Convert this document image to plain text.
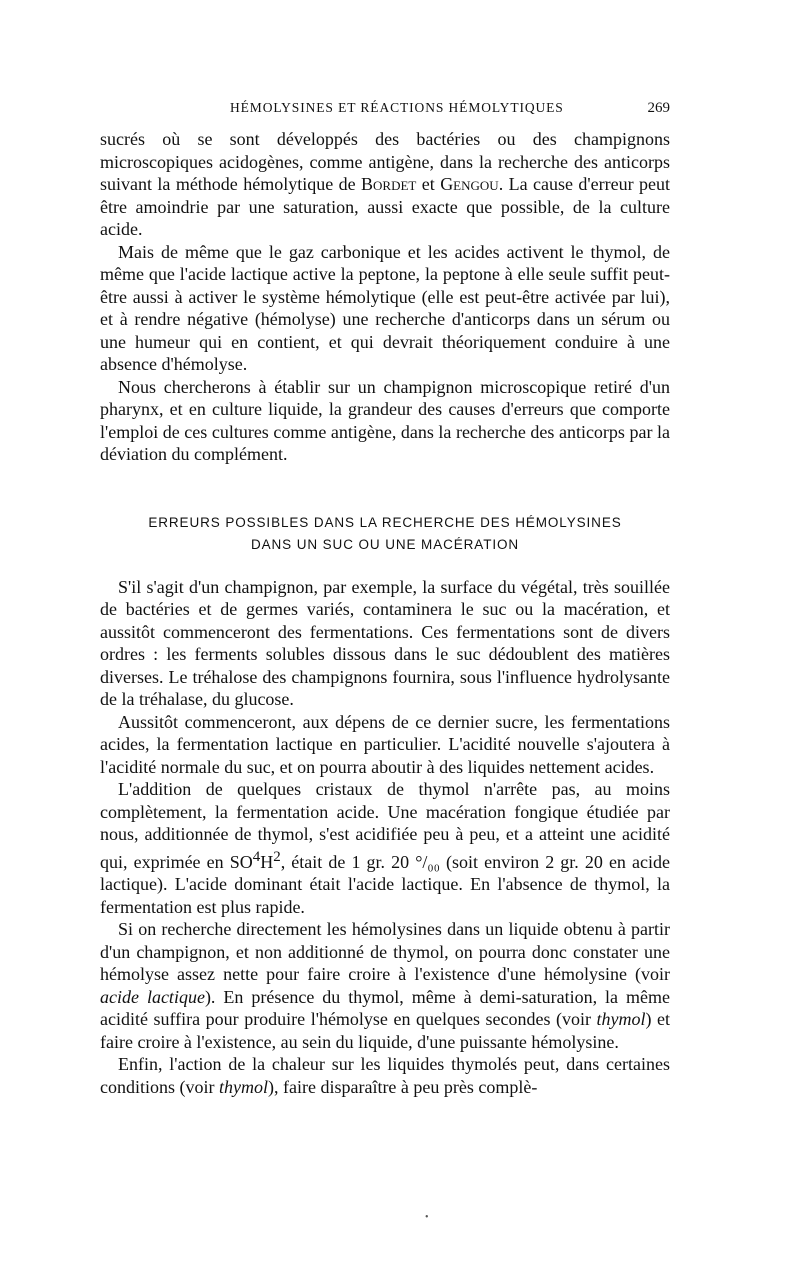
HÉMOLYSINES ET RÉACTIONS HÉMOLYTIQUES	269

sucrés où se sont développés des bactéries ou des champignons microscopiques acidogènes, comme antigène, dans la recherche des anticorps suivant la méthode hémolytique de Bordet et Gengou. La cause d'erreur peut être amoindrie par une saturation, aussi exacte que possible, de la culture acide.

Mais de même que le gaz carbonique et les acides activent le thymol, de même que l'acide lactique active la peptone, la peptone à elle seule suffit peut-être aussi à activer le système hémolytique (elle est peut-être activée par lui), et à rendre négative (hémolyse) une recherche d'anticorps dans un sérum ou une humeur qui en contient, et qui devrait théoriquement conduire à une absence d'hémolyse.

Nous chercherons à établir sur un champignon microscopique retiré d'un pharynx, et en culture liquide, la grandeur des causes d'erreurs que comporte l'emploi de ces cultures comme antigène, dans la recherche des anticorps par la déviation du complément.

ERREURS POSSIBLES DANS LA RECHERCHE DES HÉMOLYSINES
DANS UN SUC OU UNE MACÉRATION

S'il s'agit d'un champignon, par exemple, la surface du végétal, très souillée de bactéries et de germes variés, contaminera le suc ou la macération, et aussitôt commenceront des fermentations. Ces fermentations sont de divers ordres : les ferments solubles dissous dans le suc dédoublent des matières diverses. Le tréhalose des champignons fournira, sous l'influence hydrolysante de la tréhalase, du glucose.

Aussitôt commenceront, aux dépens de ce dernier sucre, les fermentations acides, la fermentation lactique en particulier. L'acidité nouvelle s'ajoutera à l'acidité normale du suc, et on pourra aboutir à des liquides nettement acides.

L'addition de quelques cristaux de thymol n'arrête pas, au moins complètement, la fermentation acide. Une macération fongique étudiée par nous, additionnée de thymol, s'est acidifiée peu à peu, et a atteint une acidité qui, exprimée en $SO^4H^2$, était de 1 gr. 20 °/₀₀ (soit environ 2 gr. 20 en acide lactique). L'acide dominant était l'acide lactique. En l'absence de thymol, la fermentation est plus rapide.

Si on recherche directement les hémolysines dans un liquide obtenu à partir d'un champignon, et non additionné de thymol, on pourra donc constater une hémolyse assez nette pour faire croire à l'existence d'une hémolysine (voir acide lactique). En présence du thymol, même à demi-saturation, la même acidité suffira pour produire l'hémolyse en quelques secondes (voir thymol) et faire croire à l'existence, au sein du liquide, d'une puissante hémolysine.

Enfin, l'action de la chaleur sur les liquides thymolés peut, dans certaines conditions (voir thymol), faire disparaître à peu près complè-

•
